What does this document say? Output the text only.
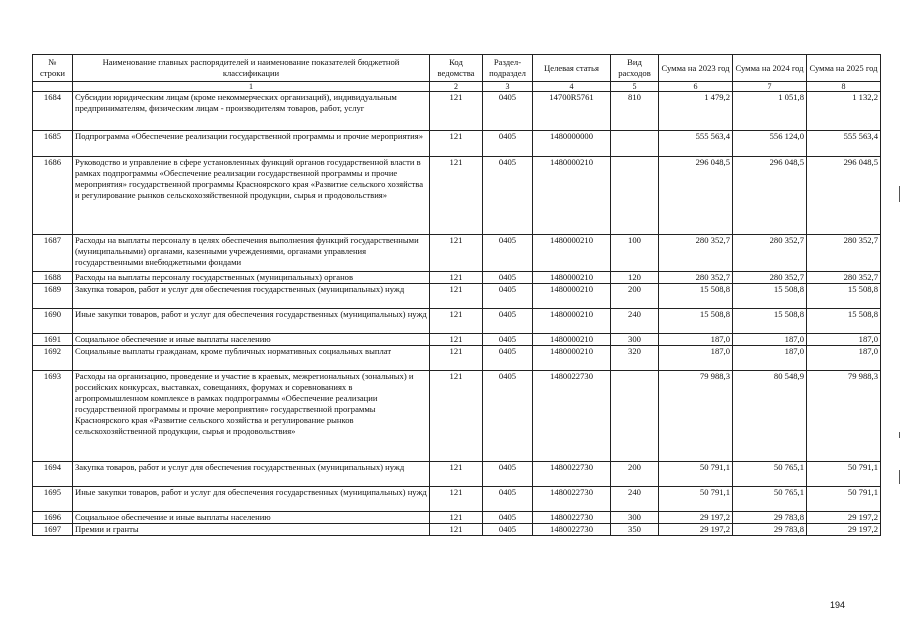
№ строки	Наименование главных распорядителей и наименование показателей бюджетной классификации	Код ведомства	Раздел-подраздел	Целевая статья	Вид расходов	Сумма на 2023 год	Сумма на 2024 год	Сумма на 2025 год
	1	2	3	4	5	6	7	8
1684	Субсидии юридическим лицам (кроме некоммерческих организаций), индивидуальным предпринимателям, физическим лицам - производителям товаров, работ, услуг	121	0405	14700R5761	810	1 479,2	1 051,8	1 132,2
1685	Подпрограмма «Обеспечение реализации государственной программы и прочие мероприятия»	121	0405	1480000000		555 563,4	556 124,0	555 563,4
1686	Руководство и управление в сфере установленных функций органов государственной власти в рамках подпрограммы «Обеспечение реализации государственной программы и прочие мероприятия» государственной программы Красноярского края «Развитие сельского хозяйства и регулирование рынков сельскохозяйственной продукции, сырья и продовольствия»	121	0405	1480000210		296 048,5	296 048,5	296 048,5
1687	Расходы на выплаты персоналу в целях обеспечения выполнения функций государственными (муниципальными) органами, казенными учреждениями, органами управления государственными внебюджетными фондами	121	0405	1480000210	100	280 352,7	280 352,7	280 352,7
1688	Расходы на выплаты персоналу государственных (муниципальных) органов	121	0405	1480000210	120	280 352,7	280 352,7	280 352,7
1689	Закупка товаров, работ и услуг для обеспечения государственных (муниципальных) нужд	121	0405	1480000210	200	15 508,8	15 508,8	15 508,8
1690	Иные закупки товаров, работ и услуг для обеспечения государственных (муниципальных) нужд	121	0405	1480000210	240	15 508,8	15 508,8	15 508,8
1691	Социальное обеспечение и иные выплаты населению	121	0405	1480000210	300	187,0	187,0	187,0
1692	Социальные выплаты гражданам, кроме публичных нормативных социальных выплат	121	0405	1480000210	320	187,0	187,0	187,0
1693	Расходы на организацию, проведение и участие в краевых, межрегиональных (зональных) и российских конкурсах, выставках, совещаниях, форумах и соревнованиях в агропромышленном комплексе в рамках подпрограммы «Обеспечение реализации государственной программы и прочие мероприятия» государственной программы Красноярского края «Развитие сельского хозяйства и регулирование рынков сельскохозяйственной продукции, сырья и продовольствия»	121	0405	1480022730		79 988,3	80 548,9	79 988,3
1694	Закупка товаров, работ и услуг для обеспечения государственных (муниципальных) нужд	121	0405	1480022730	200	50 791,1	50 765,1	50 791,1
1695	Иные закупки товаров, работ и услуг для обеспечения государственных (муниципальных) нужд	121	0405	1480022730	240	50 791,1	50 765,1	50 791,1
1696	Социальное обеспечение и иные выплаты населению	121	0405	1480022730	300	29 197,2	29 783,8	29 197,2
1697	Премии и гранты	121	0405	1480022730	350	29 197,2	29 783,8	29 197,2
194
